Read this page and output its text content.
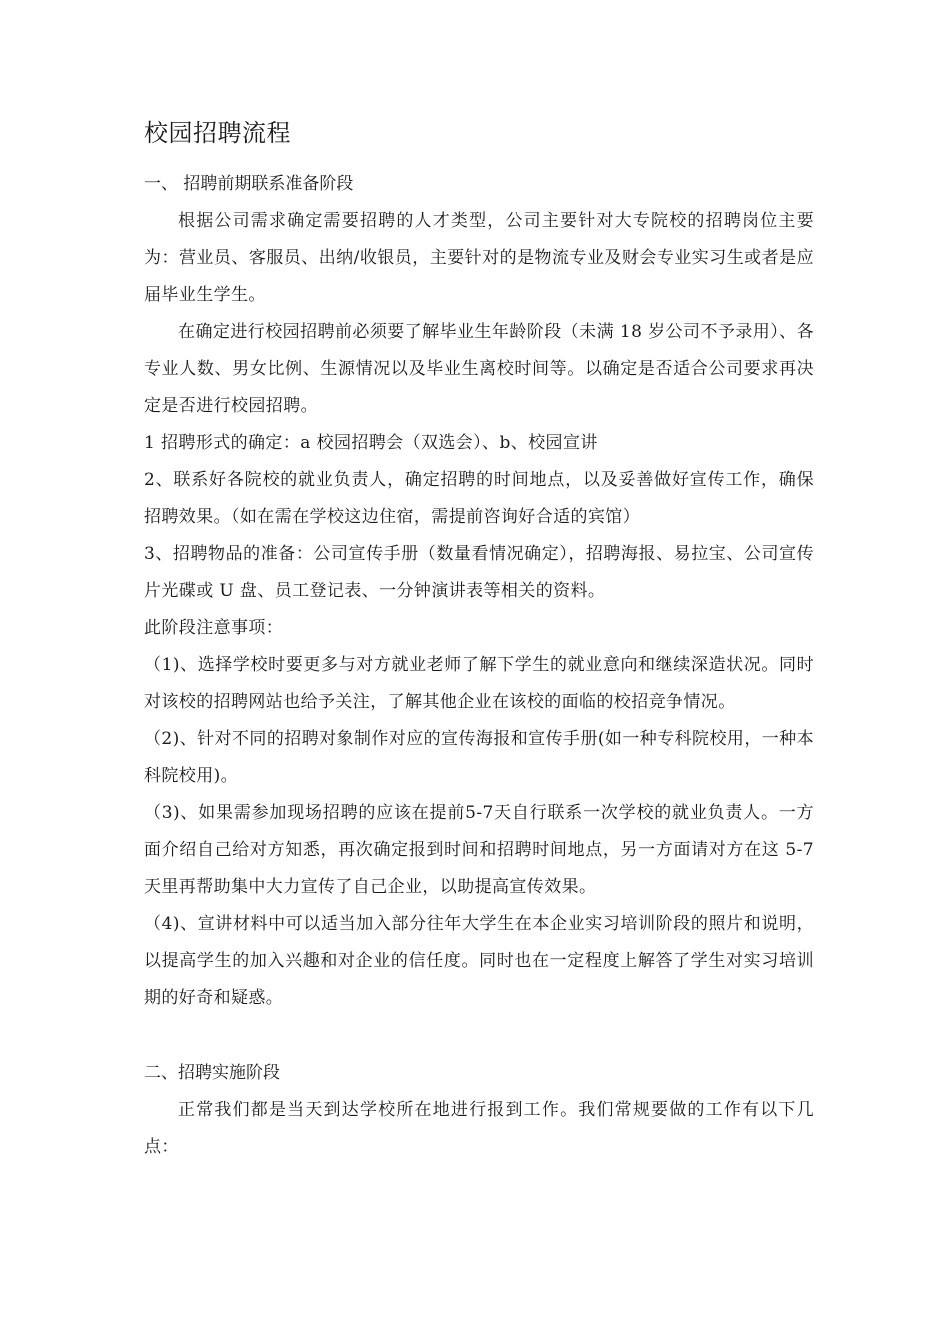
校园招聘流程

一、 招聘前期联系准备阶段

根据公司需求确定需要招聘的人才类型，公司主要针对大专院校的招聘岗位主要为：营业员、客服员、出纳/收银员，主要针对的是物流专业及财会专业实习生或者是应届毕业生学生。

在确定进行校园招聘前必须要了解毕业生年龄阶段（未满 18 岁公司不予录用）、各专业人数、男女比例、生源情况以及毕业生离校时间等。以确定是否适合公司要求再决定是否进行校园招聘。

1 招聘形式的确定：a 校园招聘会（双选会）、b、校园宣讲

2、联系好各院校的就业负责人，确定招聘的时间地点，以及妥善做好宣传工作，确保招聘效果。（如在需在学校这边住宿，需提前咨询好合适的宾馆）

3、招聘物品的准备：公司宣传手册（数量看情况确定），招聘海报、易拉宝、公司宣传片光碟或 U 盘、员工登记表、一分钟演讲表等相关的资料。

此阶段注意事项：

（1)、选择学校时要更多与对方就业老师了解下学生的就业意向和继续深造状况。同时对该校的招聘网站也给予关注，了解其他企业在该校的面临的校招竞争情况。

（2)、针对不同的招聘对象制作对应的宣传海报和宣传手册(如一种专科院校用，一种本科院校用)。

（3)、如果需参加现场招聘的应该在提前5-7天自行联系一次学校的就业负责人。一方面介绍自己给对方知悉，再次确定报到时间和招聘时间地点，另一方面请对方在这 5-7 天里再帮助集中大力宣传了自己企业，以助提高宣传效果。

（4)、宣讲材料中可以适当加入部分往年大学生在本企业实习培训阶段的照片和说明，以提高学生的加入兴趣和对企业的信任度。同时也在一定程度上解答了学生对实习培训期的好奇和疑惑。

二、招聘实施阶段

正常我们都是当天到达学校所在地进行报到工作。我们常规要做的工作有以下几点：
